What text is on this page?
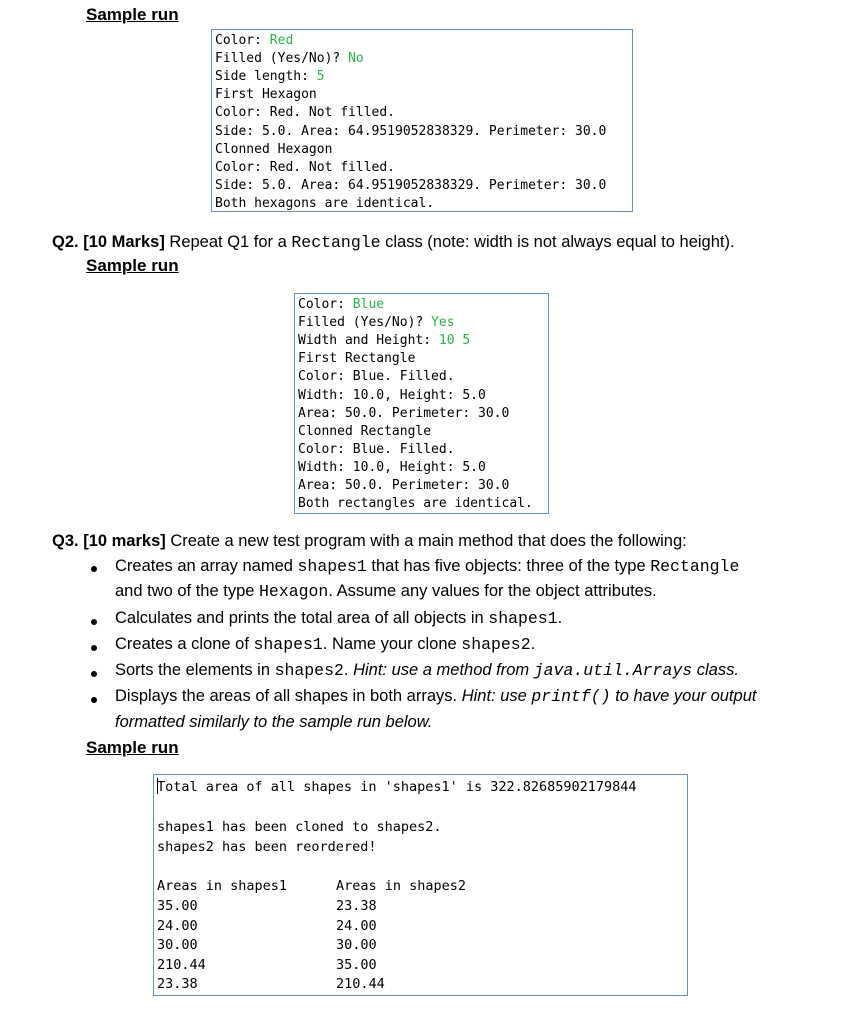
Sample run
Color: Red
Filled (Yes/No)? No
Side length: 5
First Hexagon
Color: Red. Not filled.
Side: 5.0. Area: 64.9519052838329. Perimeter: 30.0
Clonned Hexagon
Color: Red. Not filled.
Side: 5.0. Area: 64.9519052838329. Perimeter: 30.0
Both hexagons are identical.
Q2. [10 Marks] Repeat Q1 for a Rectangle class (note: width is not always equal to height).
Sample run
Color: Blue
Filled (Yes/No)? Yes
Width and Height: 10 5
First Rectangle
Color: Blue. Filled.
Width: 10.0, Height: 5.0
Area: 50.0. Perimeter: 30.0
Clonned Rectangle
Color: Blue. Filled.
Width: 10.0, Height: 5.0
Area: 50.0. Perimeter: 30.0
Both rectangles are identical.
Q3. [10 marks] Create a new test program with a main method that does the following:
Creates an array named shapes1 that has five objects: three of the type Rectangle
and two of the type Hexagon. Assume any values for the object attributes.
Calculates and prints the total area of all objects in shapes1.
Creates a clone of shapes1. Name your clone shapes2.
Sorts the elements in shapes2. Hint: use a method from java.util.Arrays class.
Displays the areas of all shapes in both arrays. Hint: use printf() to have your output
formatted similarly to the sample run below.
Sample run
Total area of all shapes in 'shapes1' is 322.82685902179844
shapes1 has been cloned to shapes2.
shapes2 has been reordered!
Areas in shapes1	Areas in shapes2
35.00
24.00
30.00
210.44
23.38
23.38
24.00
30.00
35.00
210.44
